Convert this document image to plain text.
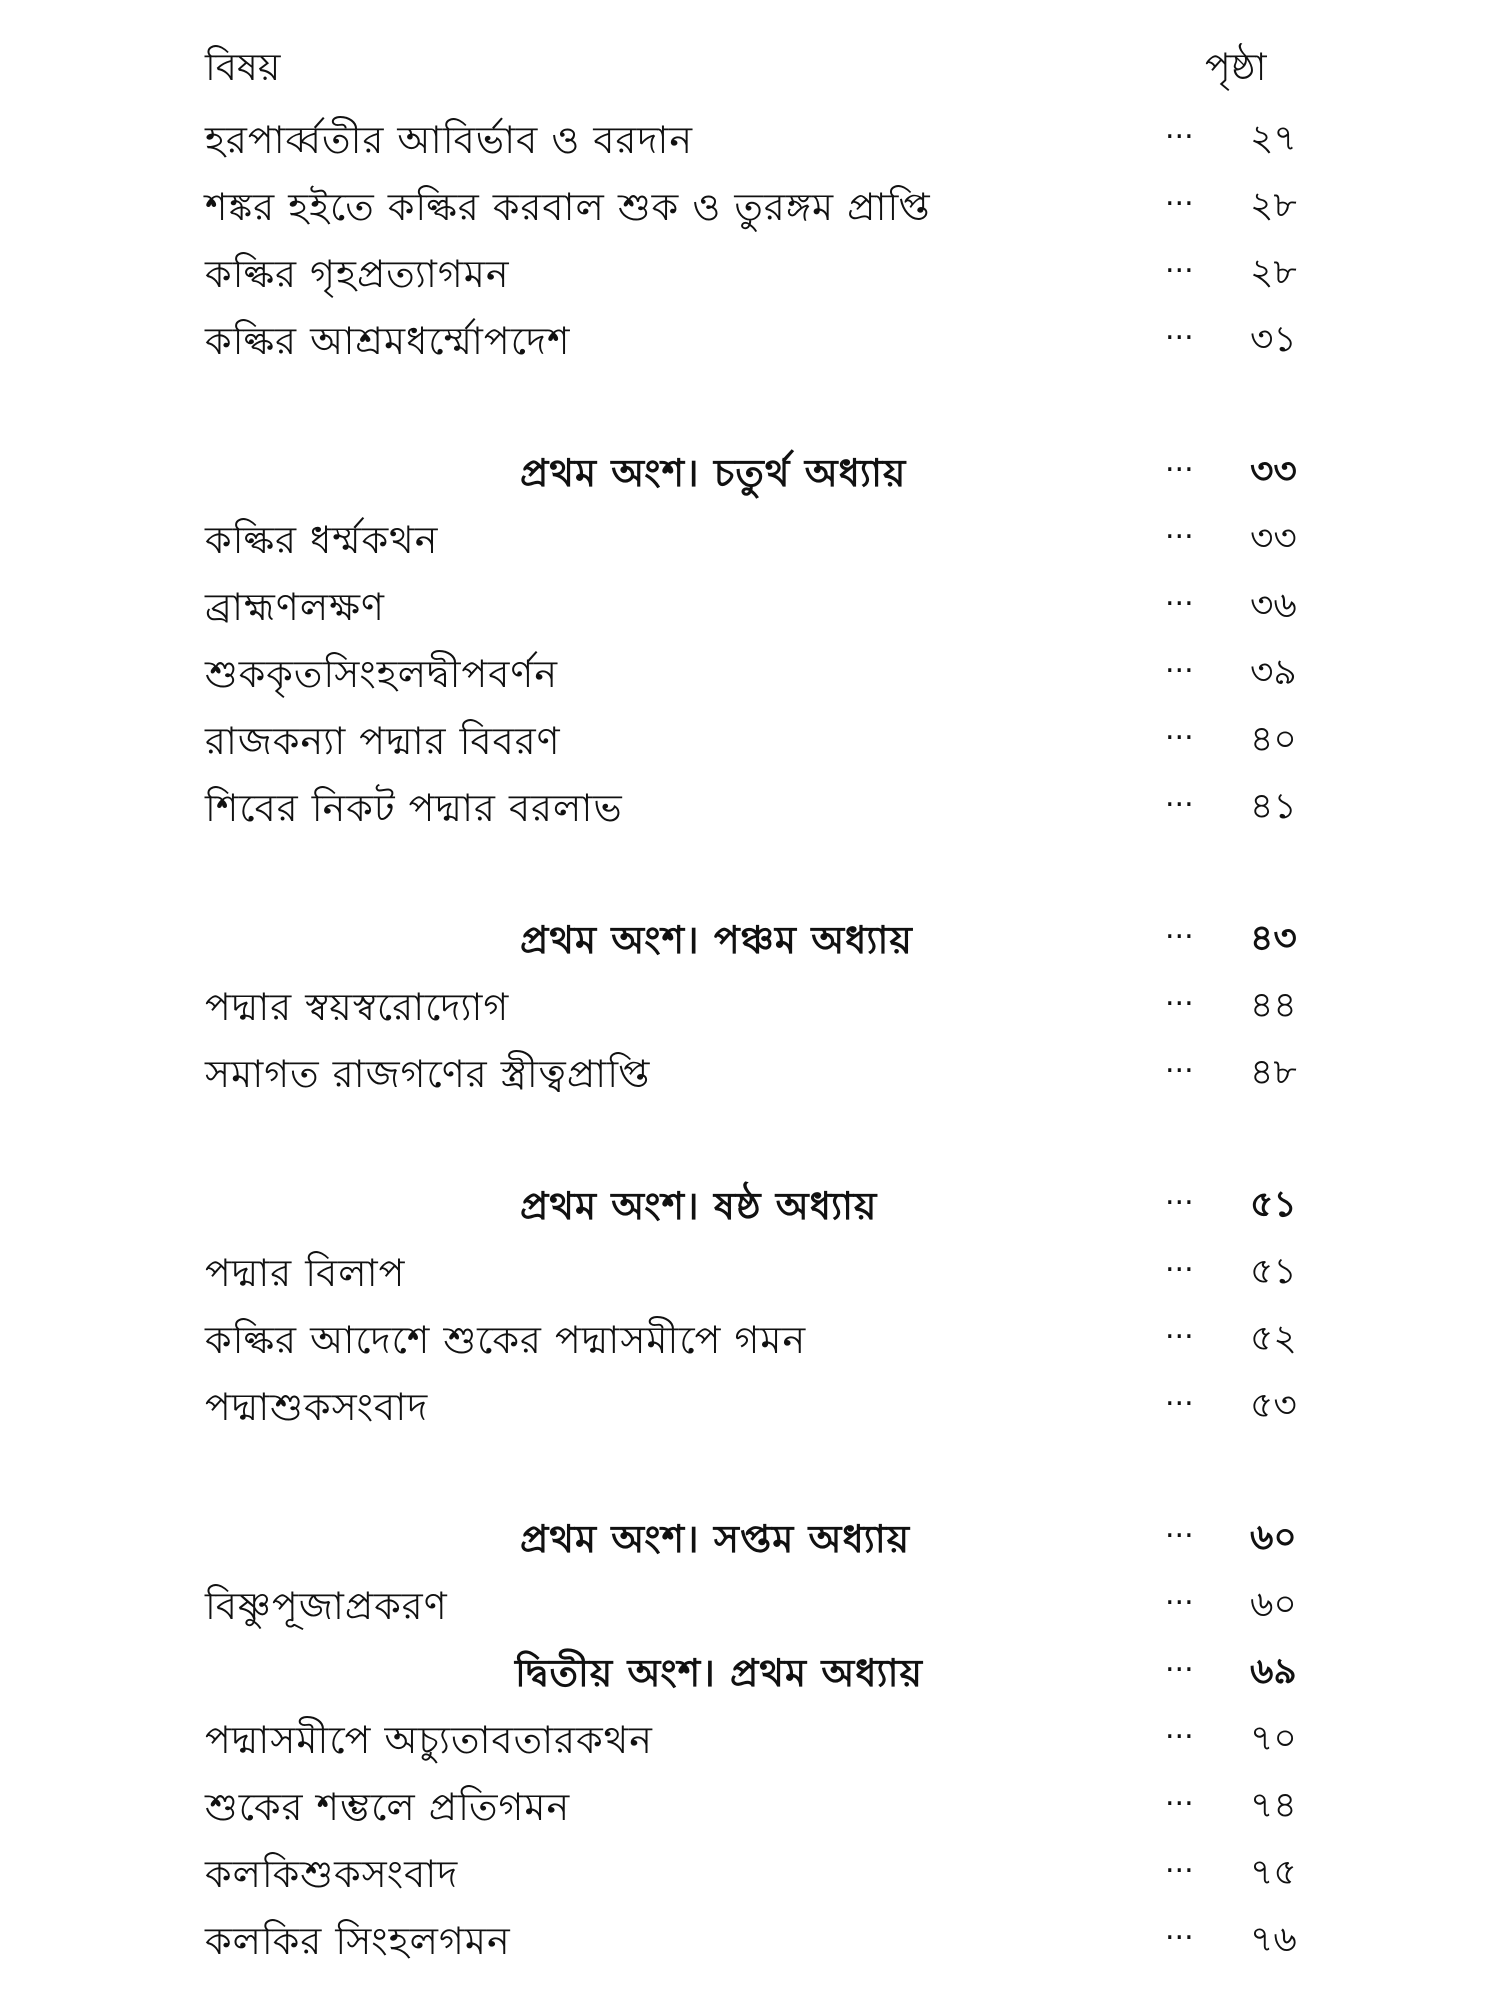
বিষয়	পৃষ্ঠা
হরপার্ব্বতীর আবির্ভাব ও বরদান	... ২৭
শঙ্কর হইতে কল্কির করবাল শুক ও তুরঙ্গম প্রাপ্তি	... ২৮
কল্কির গৃহপ্রত্যাগমন	... ২৮
কল্কির আশ্রমধর্ম্মোপদেশ	... ৩১
প্রথম অংশ। চতুর্থ অধ্যায়	... ৩৩
কল্কির ধর্ম্মকথন	... ৩৩
ব্রাহ্মণলক্ষণ	... ৩৬
শুককৃতসিংহলদ্বীপবর্ণন	... ৩৯
রাজকন্যা পদ্মার বিবরণ	... ৪০
শিবের নিকট পদ্মার বরলাভ	... ৪১
প্রথম অংশ। পঞ্চম অধ্যায়	... ৪৩
পদ্মার স্বয়স্বরোদ্যোগ	... ৪৪
সমাগত রাজগণের স্ত্রীত্বপ্রাপ্তি	... ৪৮
প্রথম অংশ। ষষ্ঠ অধ্যায়	... ৫১
পদ্মার বিলাপ	... ৫১
কল্কির আদেশে শুকের পদ্মাসমীপে গমন	... ৫২
পদ্মাশুকসংবাদ	... ৫৩
প্রথম অংশ। সপ্তম অধ্যায়	... ৬০
বিষ্ণুপূজাপ্রকরণ	... ৬০
দ্বিতীয় অংশ। প্রথম অধ্যায়	... ৬৯
পদ্মাসমীপে অচ্যুতাবতারকথন	... ৭০
শুকের শম্ভলে প্রতিগমন	... ৭৪
কলকিশুকসংবাদ	... ৭৫
কলকির সিংহলগমন	... ৭৬
